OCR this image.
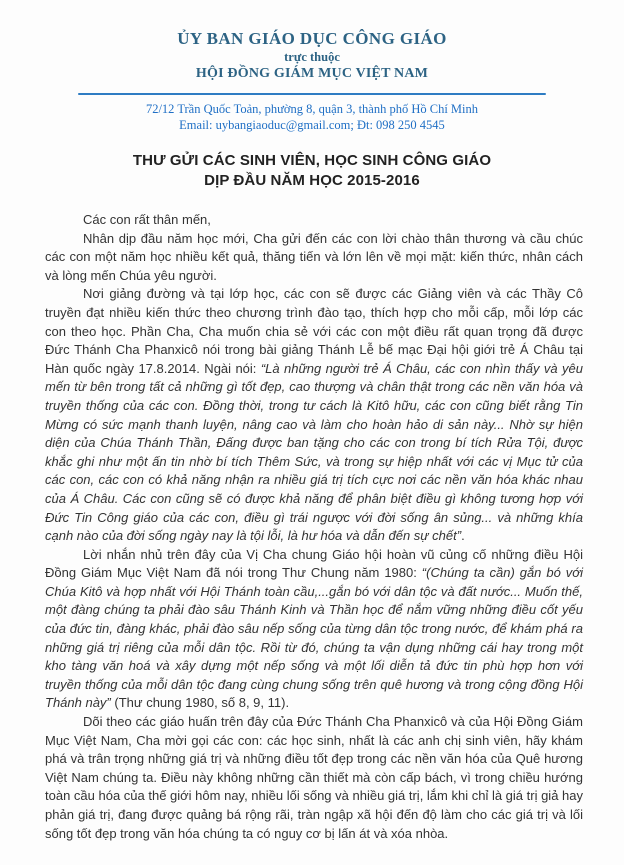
ỦY BAN GIÁO DỤC CÔNG GIÁO
trực thuộc
HỘI ĐỒNG GIÁM MỤC VIỆT NAM
72/12 Trần Quốc Toản, phường 8, quận 3, thành phố Hồ Chí Minh
Email: uybangiaoduc@gmail.com; Đt: 098 250 4545
THƯ GỬI CÁC SINH VIÊN, HỌC SINH CÔNG GIÁO
DỊP ĐẦU NĂM HỌC 2015-2016

Các con rất thân mến,

Nhân dịp đầu năm học mới, Cha gửi đến các con lời chào thân thương và cầu chúc các con một năm học nhiều kết quả, thăng tiến và lớn lên về mọi mặt: kiến thức, nhân cách và lòng mến Chúa yêu người.

Nơi giảng đường và tại lớp học, các con sẽ được các Giảng viên và các Thầy Cô truyền đạt nhiều kiến thức theo chương trình đào tạo, thích hợp cho mỗi cấp, mỗi lớp các con theo học. Phần Cha, Cha muốn chia sẻ với các con một điều rất quan trọng đã được Đức Thánh Cha Phanxicô nói trong bài giảng Thánh Lễ bế mạc Đại hội giới trẻ Á Châu tại Hàn quốc ngày 17.8.2014. Ngài nói: “Là những người trẻ Á Châu, các con nhìn thấy và yêu mến từ bên trong tất cả những gì tốt đẹp, cao thượng và chân thật trong các nền văn hóa và truyền thống của các con. Đồng thời, trong tư cách là Kitô hữu, các con cũng biết rằng Tin Mừng có sức mạnh thanh luyện, nâng cao và làm cho hoàn hảo di sản này... Nhờ sự hiện diện của Chúa Thánh Thần, Đấng được ban tặng cho các con trong bí tích Rửa Tội, được khắc ghi như một ấn tin nhờ bí tích Thêm Sức, và trong sự hiệp nhất với các vị Mục tử của các con, các con có khả năng nhận ra nhiều giá trị tích cực nơi các nền văn hóa khác nhau của Á Châu. Các con cũng sẽ có được khả năng để phân biệt điều gì không tương hợp với Đức Tin Công giáo của các con, điều gì trái ngược với đời sống ân sủng... và những khía cạnh nào của đời sống ngày nay là tội lỗi, là hư hóa và dẫn đến sự chết”.

Lời nhắn nhủ trên đây của Vị Cha chung Giáo hội hoàn vũ củng cố những điều Hội Đồng Giám Mục Việt Nam đã nói trong Thư Chung năm 1980: “(Chúng ta cần) gắn bó với Chúa Kitô và hợp nhất với Hội Thánh toàn cầu,...gắn bó với dân tộc và đất nước... Muốn thế, một đàng chúng ta phải đào sâu Thánh Kinh và Thần học để nắm vững những điều cốt yếu của đức tin, đàng khác, phải đào sâu nếp sống của từng dân tộc trong nước, để khám phá ra những giá trị riêng của mỗi dân tộc. Rồi từ đó, chúng ta vận dụng những cái hay trong một kho tàng văn hoá và xây dựng một nếp sống và một lối diễn tả đức tin phù hợp hơn với truyền thống của mỗi dân tộc đang cùng chung sống trên quê hương và trong cộng đồng Hội Thánh này” (Thư chung 1980, số 8, 9, 11).

Dõi theo các giáo huấn trên đây của Đức Thánh Cha Phanxicô và của Hội Đồng Giám Mục Việt Nam, Cha mời gọi các con: các học sinh, nhất là các anh chị sinh viên, hãy khám phá và trân trọng những giá trị và những điều tốt đẹp trong các nền văn hóa của Quê hương Việt Nam chúng ta. Điều này không những cần thiết mà còn cấp bách, vì trong chiều hướng toàn cầu hóa của thế giới hôm nay, nhiều lối sống và nhiều giá trị, lắm khi chỉ là giá trị giả hay phản giá trị, đang được quảng bá rộng rãi, tràn ngập xã hội đến độ làm cho các giá trị và lối sống tốt đẹp trong văn hóa chúng ta có nguy cơ bị lấn át và xóa nhòa.
